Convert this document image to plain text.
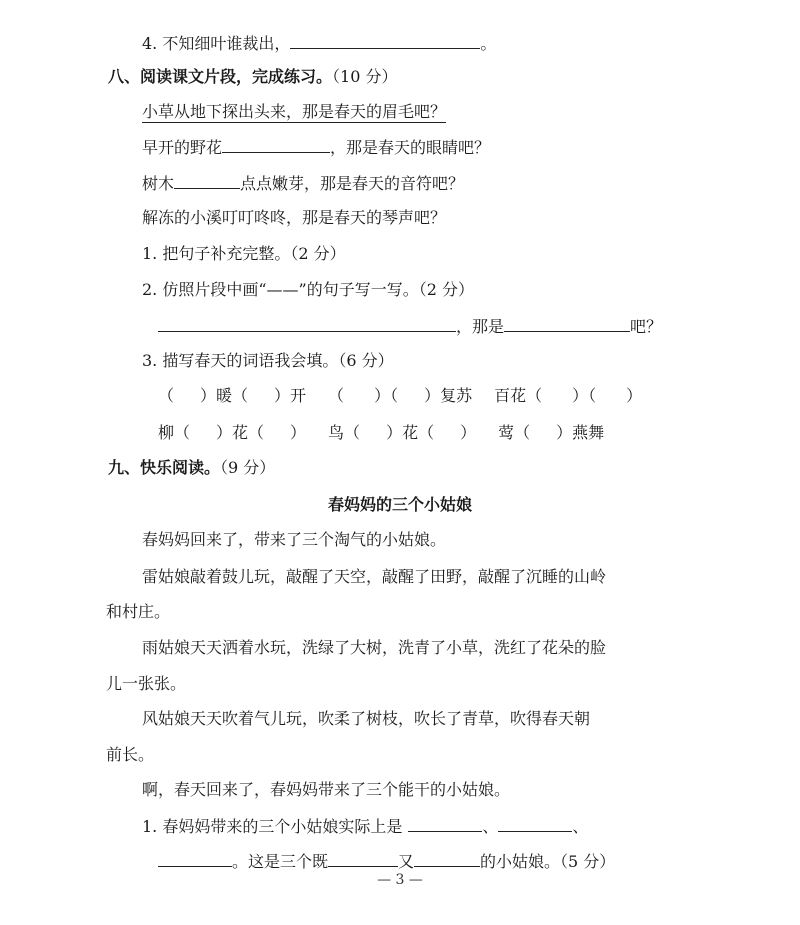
4. 不知细叶谁裁出，	。
八、阅读课文片段，完成练习。（10 分）
小草从地下探出头来，那是春天的眉毛吧？
早开的野花	，那是春天的眼睛吧？
树木	点点嫩芽，那是春天的音符吧？
解冻的小溪叮叮咚咚，那是春天的琴声吧？
1. 把句子补充完整。（2 分）
2. 仿照片段中画“——”的句子写一写。（2 分）
，那是	吧？
3. 描写春天的词语我会填。（6 分）
（ ）暖（ ）开 （ ）（ ）复苏 百花（ ）（ ）
柳（ ）花（ ） 鸟（ ）花（ ） 莺（ ）燕舞
九、快乐阅读。（9 分）
春妈妈的三个小姑娘
春妈妈回来了，带来了三个淘气的小姑娘。
雷姑娘敲着鼓儿玩，敲醒了天空，敲醒了田野，敲醒了沉睡的山岭
和村庄。
雨姑娘天天洒着水玩，洗绿了大树，洗青了小草，洗红了花朵的脸
儿一张张。
风姑娘天天吹着气儿玩，吹柔了树枝，吹长了青草，吹得春天朝
前长。
啊，春天回来了，春妈妈带来了三个能干的小姑娘。
1. 春妈妈带来的三个小姑娘实际上是	、	、
。这是三个既	又	的小姑娘。（5 分）
— 3 —
